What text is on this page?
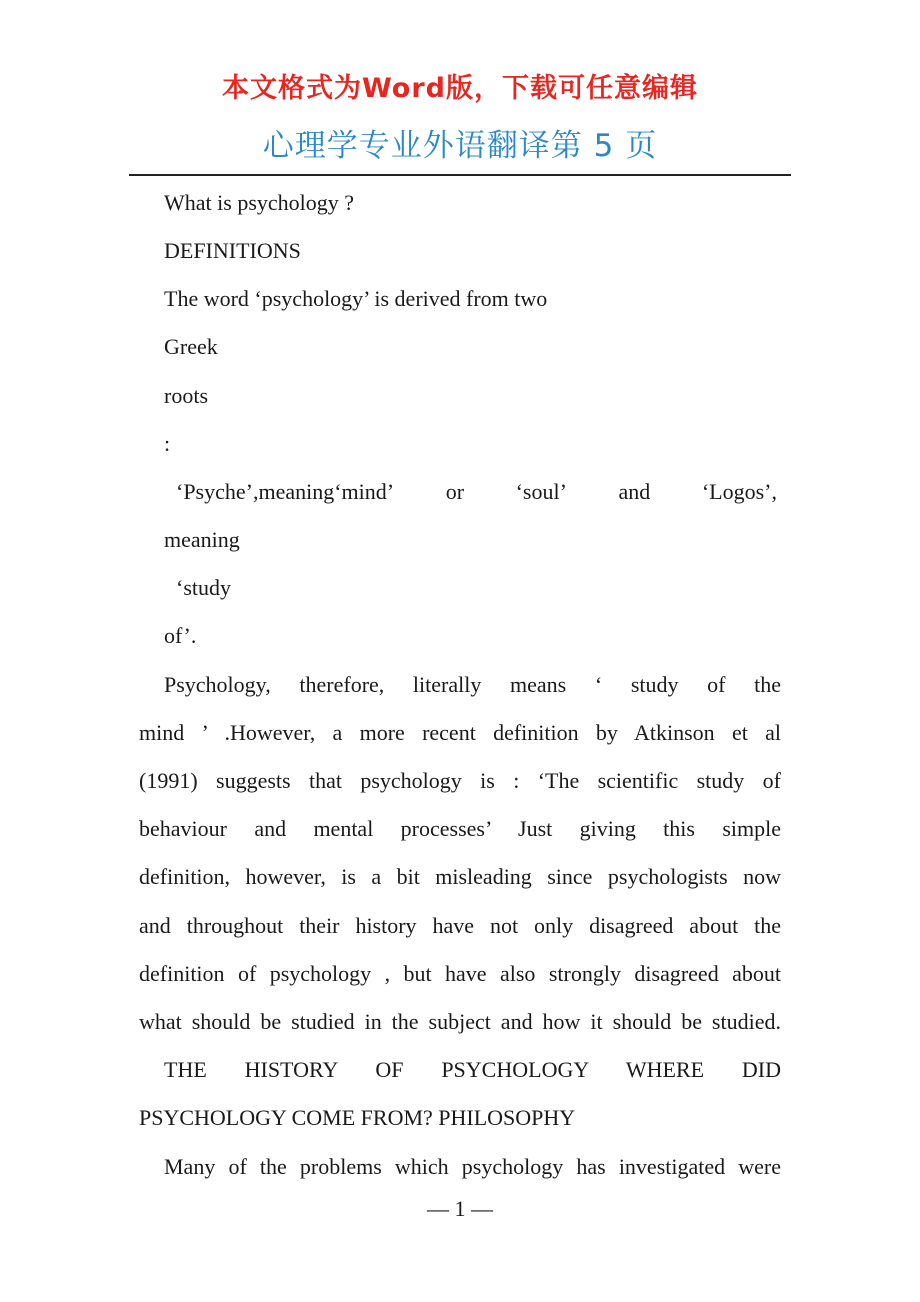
本文格式为Word版，下载可任意编辑
心理学专业外语翻译第 5 页
What is psychology ?
DEFINITIONS
The word ‘psychology’ is derived from two
Greek
roots
:
‘Psyche’,meaning‘mind’ or ‘soul’ and ‘Logos’,
meaning
‘study
of’.
Psychology, therefore, literally means ‘ study of the
mind ’ .However, a more recent definition by Atkinson et al
(1991) suggests that psychology is : ‘The scientific study of
behaviour and mental processes’ Just giving this simple
definition, however, is a bit misleading since psychologists now
and throughout their history have not only disagreed about the
definition of psychology , but have also strongly disagreed about
what should be studied in the subject and how it should be studied.
THE HISTORY OF PSYCHOLOGY WHERE DID
PSYCHOLOGY COME FROM? PHILOSOPHY
Many of the problems which psychology has investigated were
— 1 —
